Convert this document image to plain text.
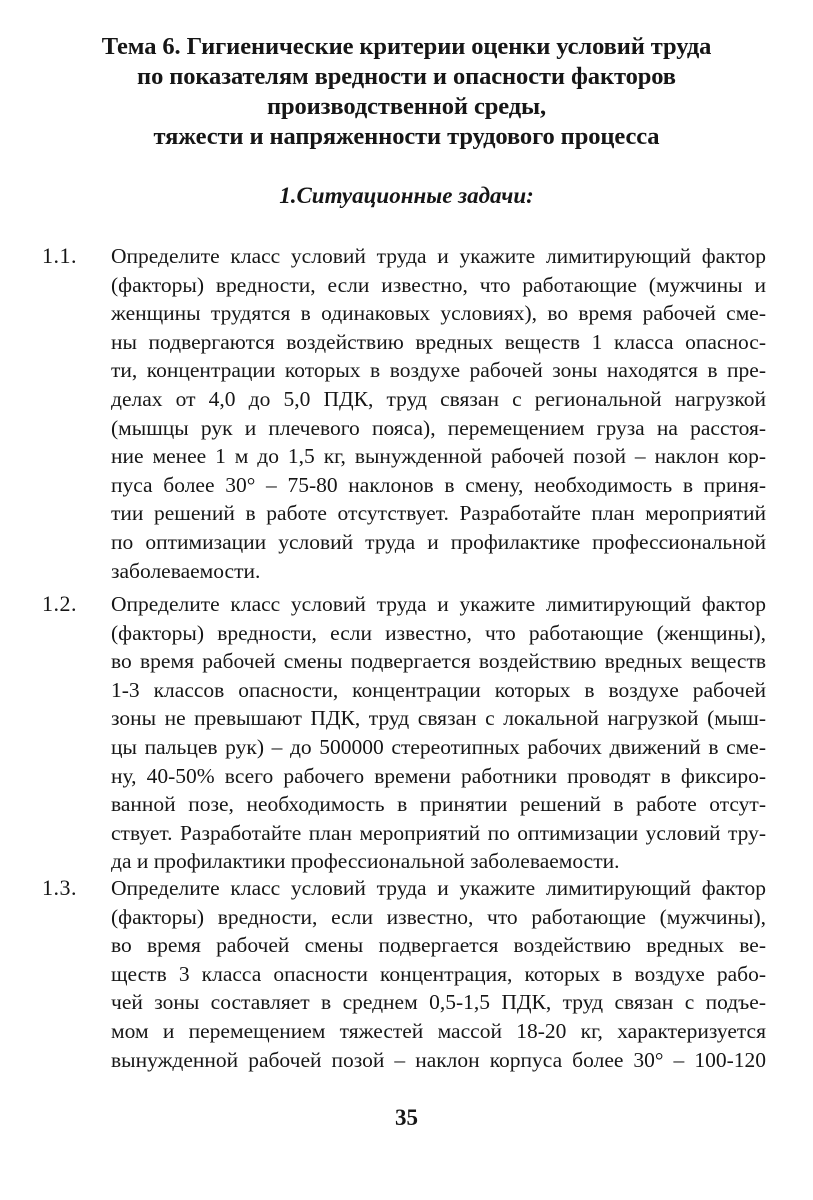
Тема 6. Гигиенические критерии оценки условий труда
по показателям вредности и опасности факторов
производственной среды,
тяжести и напряженности трудового процесса
1.Ситуационные задачи:
1.1. Определите класс условий труда и укажите лимитирующий фактор
(факторы) вредности, если известно, что работающие (мужчины и
женщины трудятся в одинаковых условиях), во время рабочей сме-
ны подвергаются воздействию вредных веществ 1 класса опаснос-
ти, концентрации которых в воздухе рабочей зоны находятся в пре-
делах от 4,0 до 5,0 ПДК, труд связан с региональной нагрузкой
(мышцы рук и плечевого пояса), перемещением груза на расстоя-
ние менее 1 м до 1,5 кг, вынужденной рабочей позой – наклон кор-
пуса более 30° – 75-80 наклонов в смену, необходимость в приня-
тии решений в работе отсутствует. Разработайте план мероприятий
по оптимизации условий труда и профилактике профессиональной
заболеваемости.
1.2. Определите класс условий труда и укажите лимитирующий фактор
(факторы) вредности, если известно, что работающие (женщины),
во время рабочей смены подвергается воздействию вредных веществ
1-3 классов опасности, концентрации которых в воздухе рабочей
зоны не превышают ПДК, труд связан с локальной нагрузкой (мыш-
цы пальцев рук) – до 500000 стереотипных рабочих движений в сме-
ну, 40-50% всего рабочего времени работники проводят в фиксиро-
ванной позе, необходимость в принятии решений в работе отсут-
ствует. Разработайте план мероприятий по оптимизации условий тру-
да и профилактики профессиональной заболеваемости.
1.3. Определите класс условий труда и укажите лимитирующий фактор
(факторы) вредности, если известно, что работающие (мужчины),
во время рабочей смены подвергается воздействию вредных ве-
ществ 3 класса опасности концентрация, которых в воздухе рабо-
чей зоны составляет в среднем 0,5-1,5 ПДК, труд связан с подъе-
мом и перемещением тяжестей массой 18-20 кг, характеризуется
вынужденной рабочей позой – наклон корпуса более 30° – 100-120
35
